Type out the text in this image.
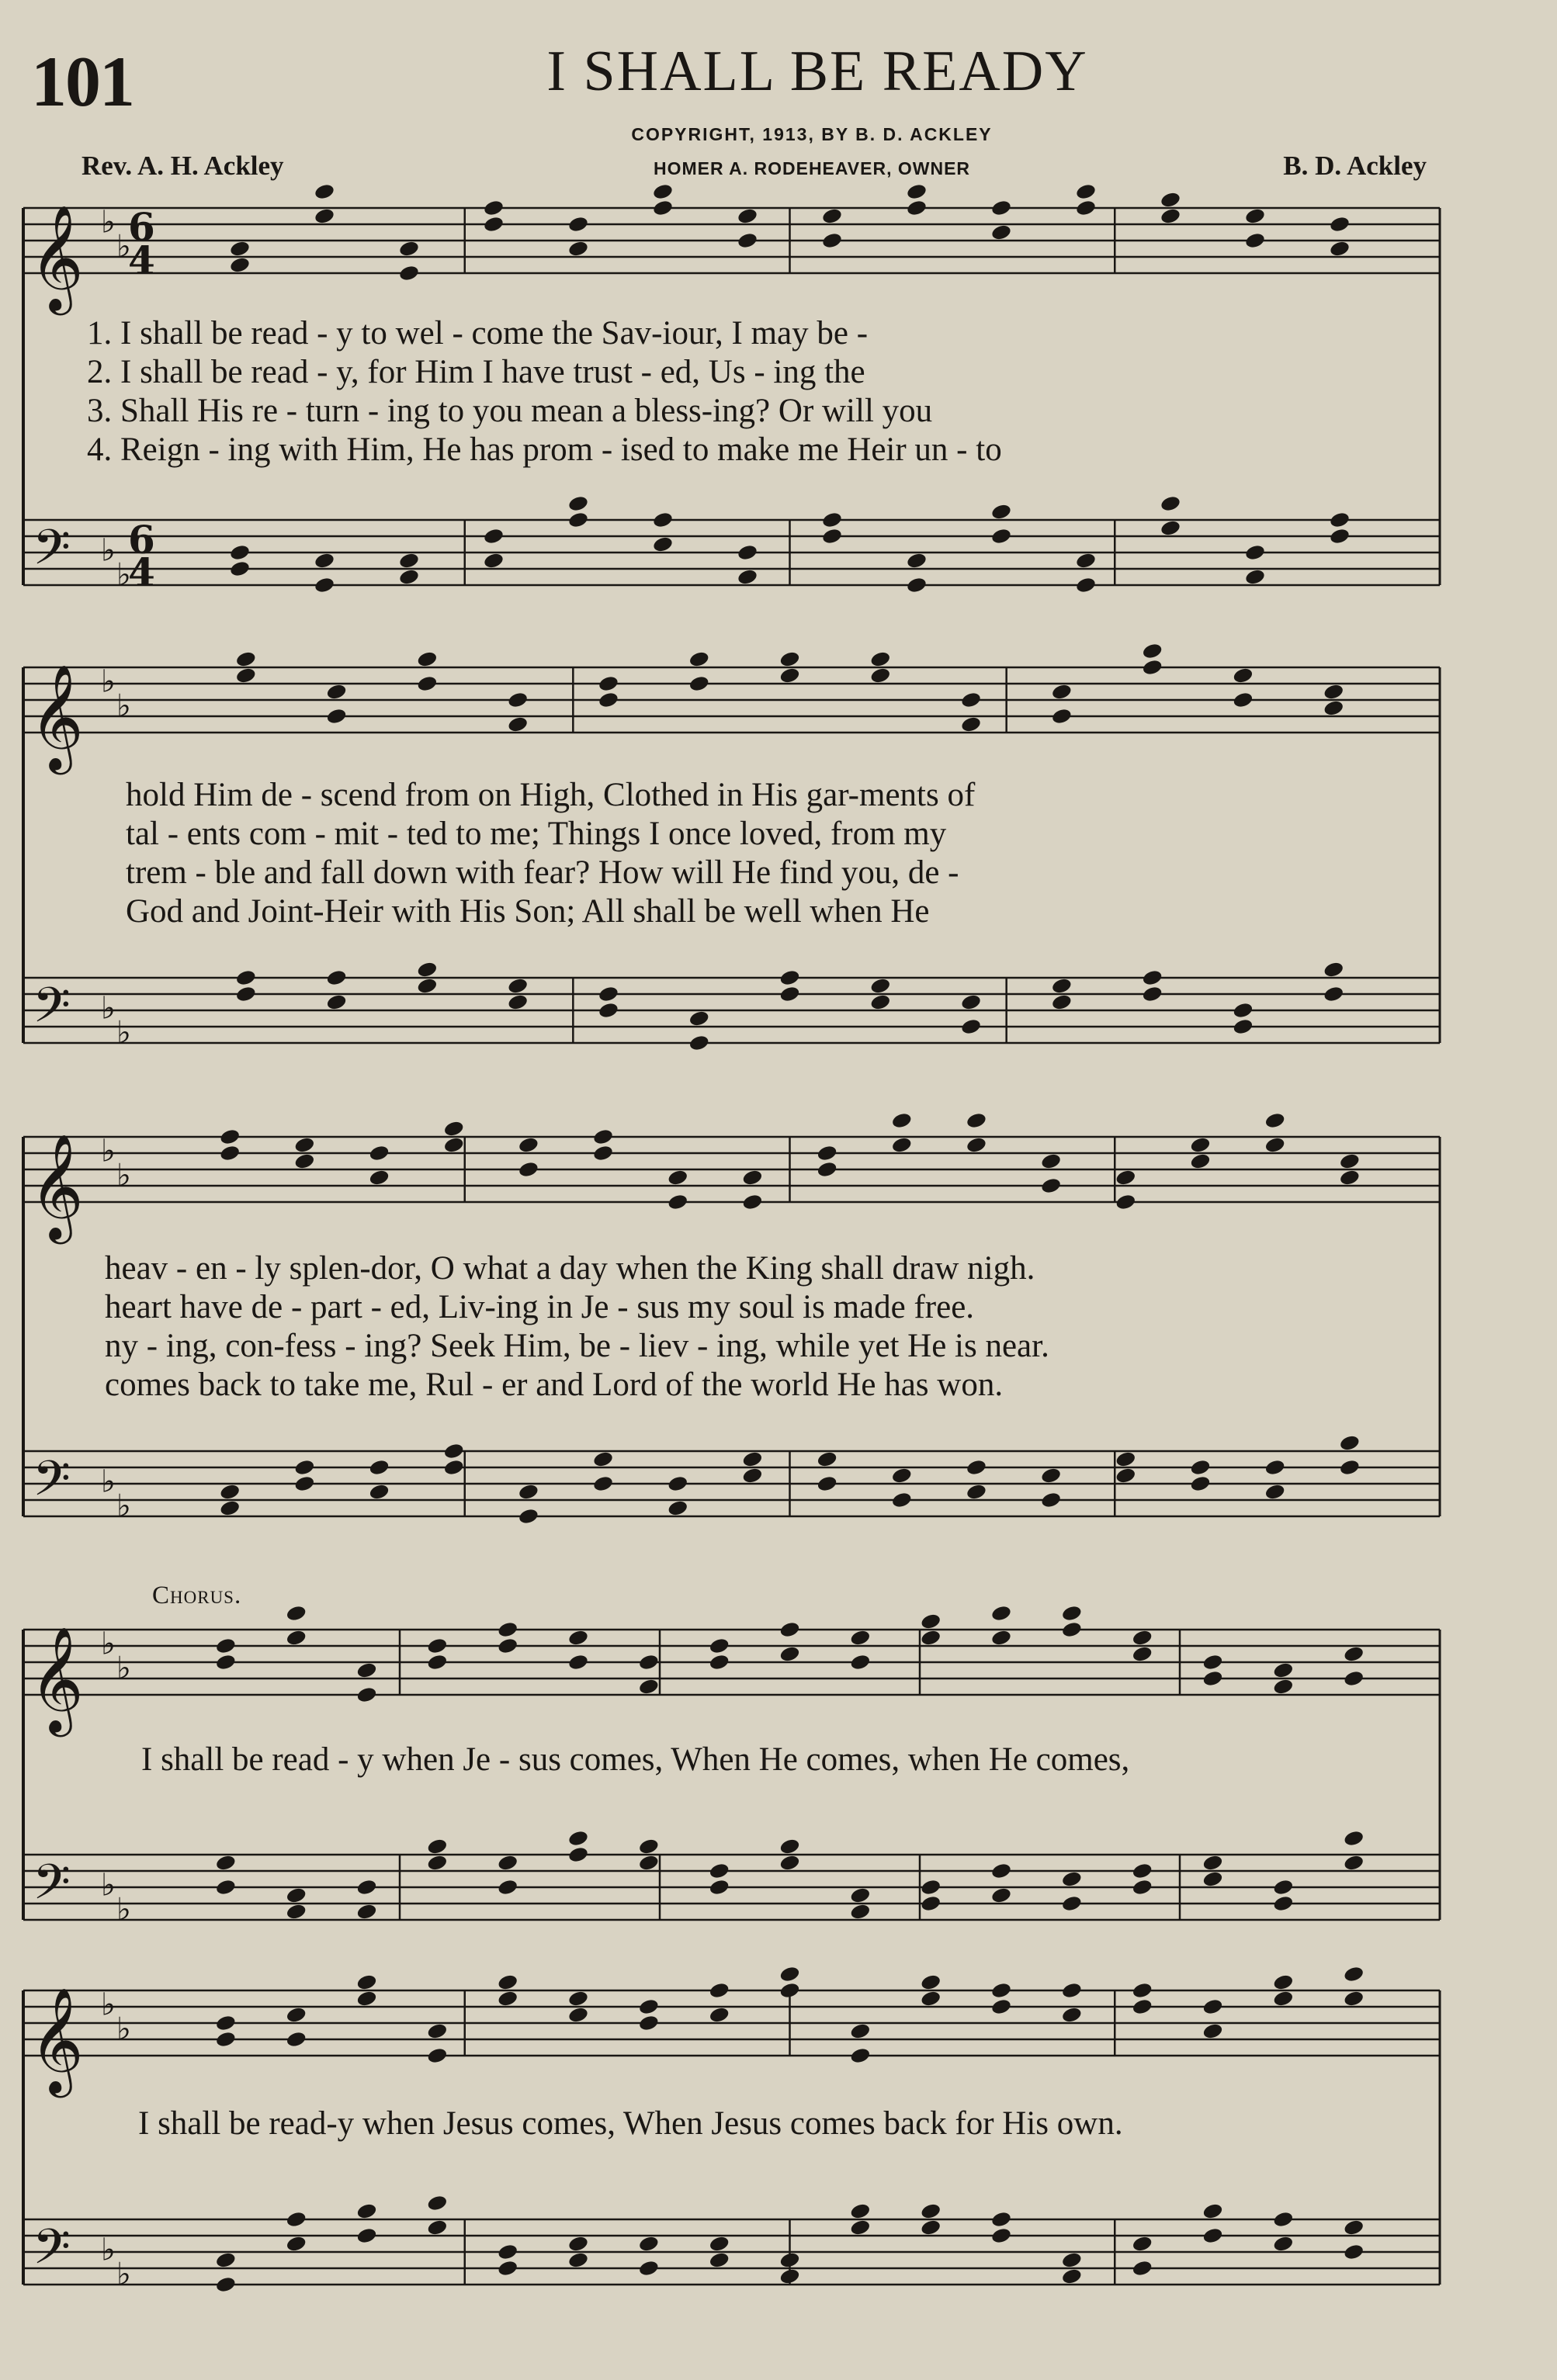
101	I SHALL BE READY
COPYRIGHT, 1913, BY B. D. ACKLEY
HOMER A. RODEHEAVER, OWNER
Rev. A. H. Ackley	B. D. Ackley
𝄞
𝄢
♭
♭
♭
♭
𝄞
𝄢
♭
♭
♭
♭
𝄞
𝄢
♭
♭
♭
♭
𝄞
𝄢
♭
♭
♭
♭
𝄞
𝄢
♭
♭
♭
♭
6
4
6
4
1. I shall be read - y to wel - come the Sav-iour, I may be -
2. I shall be read - y, for Him I have trust - ed, Us - ing the
3. Shall His re - turn - ing to you mean a bless-ing? Or will you
4. Reign - ing with Him, He has prom - ised to make me Heir un - to
hold Him de - scend from on High, Clothed in His gar-ments of
tal - ents com - mit - ted to me; Things I once loved, from my
trem - ble and fall down with fear? How will He find you, de -
God and Joint-Heir with His Son; All shall be well when He
heav - en - ly splen-dor, O what a day when the King shall draw nigh.
heart have de - part - ed, Liv-ing in Je - sus my soul is made free.
ny - ing, con-fess - ing? Seek Him, be - liev - ing, while yet He is near.
comes back to take me, Rul - er and Lord of the world He has won.
Chorus.
I shall be read - y when Je - sus comes, When He comes, when He comes,
I shall be read-y when Jesus comes, When Jesus comes back for His own.
